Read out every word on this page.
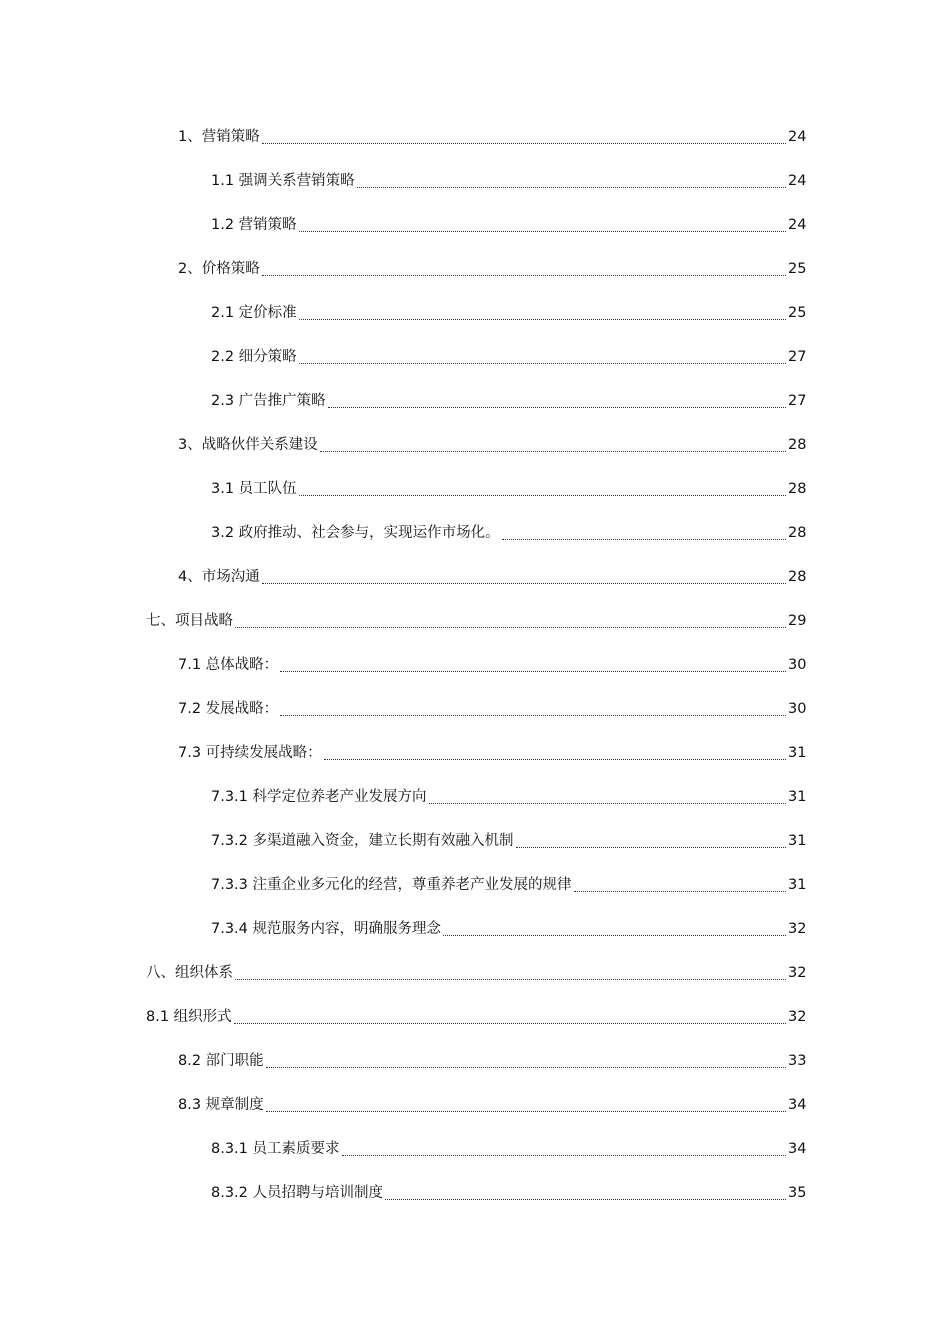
1、营销策略	24
1.1 强调关系营销策略	24
1.2 营销策略	24
2、价格策略	25
2.1 定价标准	25
2.2 细分策略	27
2.3 广告推广策略	27
3、战略伙伴关系建设	28
3.1 员工队伍	28
3.2 政府推动、社会参与，实现运作市场化。	28
4、市场沟通	28
七、项目战略	29
7.1 总体战略：	30
7.2 发展战略：	30
7.3 可持续发展战略：	31
7.3.1 科学定位养老产业发展方向	31
7.3.2 多渠道融入资金，建立长期有效融入机制	31
7.3.3 注重企业多元化的经营，尊重养老产业发展的规律	31
7.3.4 规范服务内容，明确服务理念	32
八、组织体系	32
8.1 组织形式	32
8.2 部门职能	33
8.3 规章制度	34
8.3.1 员工素质要求	34
8.3.2 人员招聘与培训制度	35
